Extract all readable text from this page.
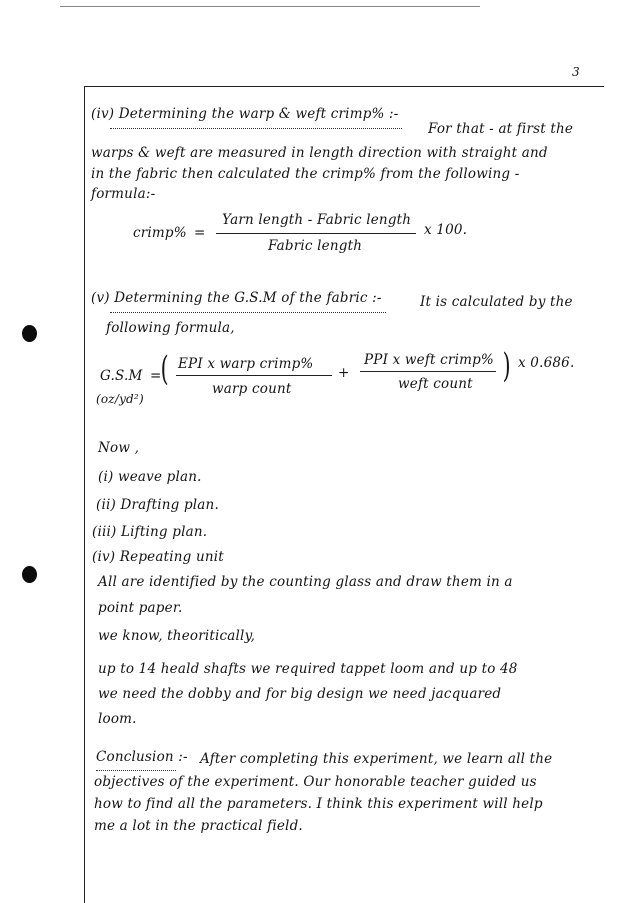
3
(iv) Determining the warp & weft crimp% :-
For that - at first the
warps & weft are measured in length direction with straight and
in the fabric then calculated the crimp% from the following -
formula:-
crimp% =
Yarn length - Fabric length
Fabric length
x 100.
(v) Determining the G.S.M of the fabric :-	It is calculated by the
following formula,
G.S.M =
(oz/yd²)
( EPI x warp crimp%
warp count
+
PPI x weft crimp%
weft count ) x 0.686.
Now ,
(i) weave plan.
(ii) Drafting plan.
(iii) Lifting plan.
(iv) Repeating unit
All are identified by the counting glass and draw them in a
point paper.
we know, theoritically,
up to 14 heald shafts we required tappet loom and up to 48
we need the dobby and for big design we need jacquared
loom.
Conclusion :- After completing this experiment, we learn all the
objectives of the experiment. Our honorable teacher guided us
how to find all the parameters. I think this experiment will help
me a lot in the practical field.
